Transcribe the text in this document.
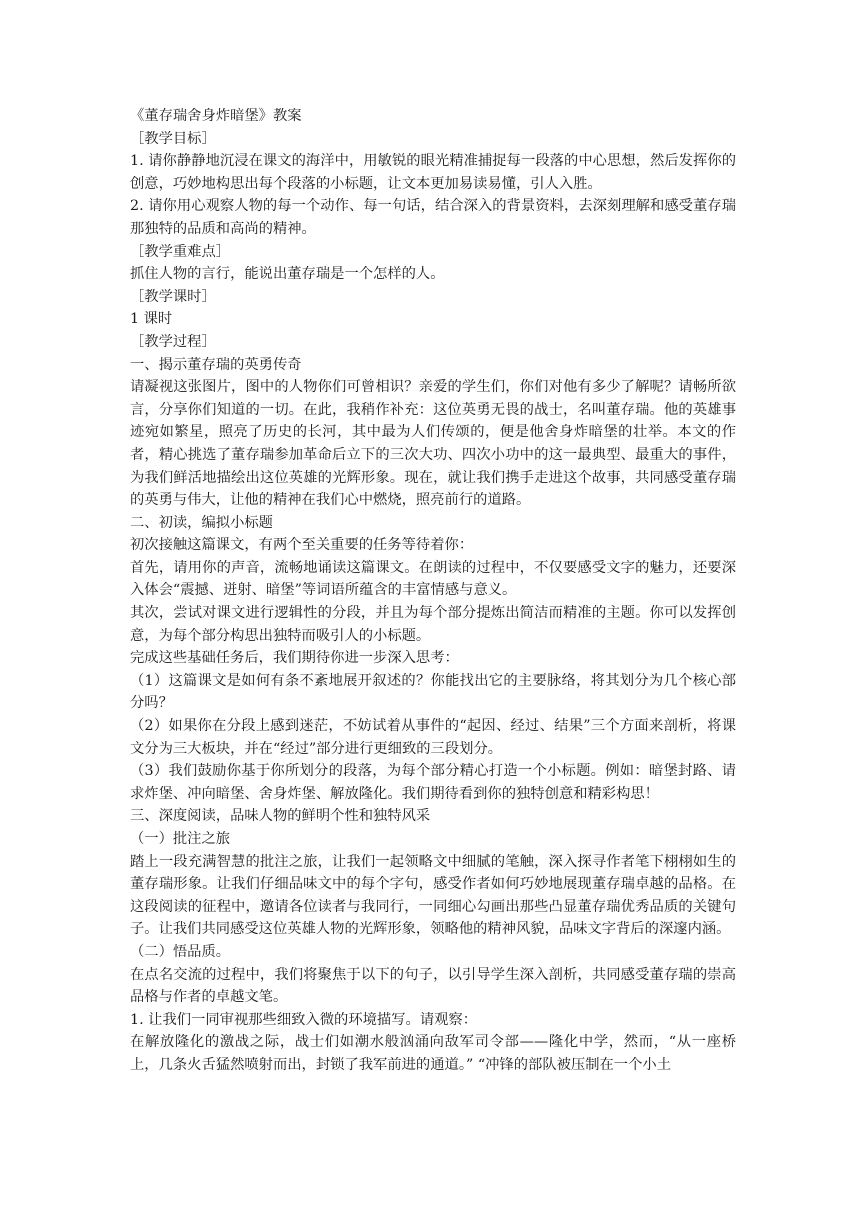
《董存瑞舍身炸暗堡》教案

［教学目标］

1. 请你静静地沉浸在课文的海洋中，用敏锐的眼光精准捕捉每一段落的中心思想，然后发挥你的创意，巧妙地构思出每个段落的小标题，让文本更加易读易懂，引人入胜。

2. 请你用心观察人物的每一个动作、每一句话，结合深入的背景资料，去深刻理解和感受董存瑞那独特的品质和高尚的精神。

［教学重难点］

抓住人物的言行，能说出董存瑞是一个怎样的人。

［教学课时］

1 课时

［教学过程］

一、揭示董存瑞的英勇传奇

请凝视这张图片，图中的人物你们可曾相识？亲爱的学生们，你们对他有多少了解呢？请畅所欲言，分享你们知道的一切。在此，我稍作补充：这位英勇无畏的战士，名叫董存瑞。他的英雄事迹宛如繁星，照亮了历史的长河，其中最为人们传颂的，便是他舍身炸暗堡的壮举。本文的作者，精心挑选了董存瑞参加革命后立下的三次大功、四次小功中的这一最典型、最重大的事件，为我们鲜活地描绘出这位英雄的光辉形象。现在，就让我们携手走进这个故事，共同感受董存瑞的英勇与伟大，让他的精神在我们心中燃烧，照亮前行的道路。

二、初读，编拟小标题

初次接触这篇课文，有两个至关重要的任务等待着你：

首先，请用你的声音，流畅地诵读这篇课文。在朗读的过程中，不仅要感受文字的魅力，还要深入体会“震撼、迸射、暗堡”等词语所蕴含的丰富情感与意义。

其次，尝试对课文进行逻辑性的分段，并且为每个部分提炼出简洁而精准的主题。你可以发挥创意，为每个部分构思出独特而吸引人的小标题。

完成这些基础任务后，我们期待你进一步深入思考：

（1）这篇课文是如何有条不紊地展开叙述的？你能找出它的主要脉络，将其划分为几个核心部分吗？

（2）如果你在分段上感到迷茫，不妨试着从事件的“起因、经过、结果”三个方面来剖析，将课文分为三大板块，并在“经过”部分进行更细致的三段划分。

（3）我们鼓励你基于你所划分的段落，为每个部分精心打造一个小标题。例如：暗堡封路、请求炸堡、冲向暗堡、舍身炸堡、解放隆化。我们期待看到你的独特创意和精彩构思！

三、深度阅读，品味人物的鲜明个性和独特风采

（一）批注之旅

踏上一段充满智慧的批注之旅，让我们一起领略文中细腻的笔触，深入探寻作者笔下栩栩如生的董存瑞形象。让我们仔细品味文中的每个字句，感受作者如何巧妙地展现董存瑞卓越的品格。在这段阅读的征程中，邀请各位读者与我同行，一同细心勾画出那些凸显董存瑞优秀品质的关键句子。让我们共同感受这位英雄人物的光辉形象，领略他的精神风貌，品味文字背后的深邃内涵。

（二）悟品质。

在点名交流的过程中，我们将聚焦于以下的句子，以引导学生深入剖析，共同感受董存瑞的崇高品格与作者的卓越文笔。

1. 让我们一同审视那些细致入微的环境描写。请观察：

在解放隆化的激战之际，战士们如潮水般汹涌向敌军司令部——隆化中学，然而，“从一座桥上，几条火舌猛然喷射而出，封锁了我军前进的通道。” “冲锋的部队被压制在一个小土
